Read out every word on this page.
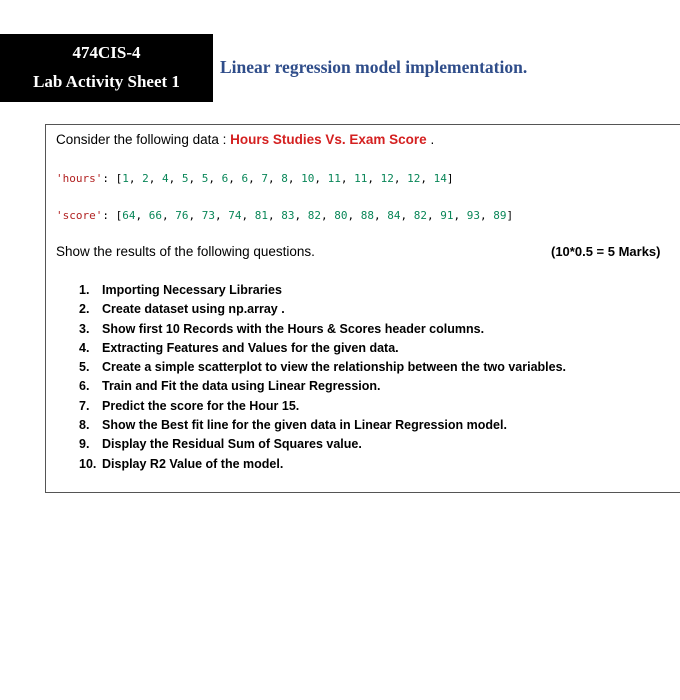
474CIS-4
Lab Activity Sheet 1
Linear regression model implementation.
Consider the following data : Hours Studies Vs. Exam Score .
'hours': [1, 2, 4, 5, 5, 6, 6, 7, 8, 10, 11, 11, 12, 12, 14]
'score': [64, 66, 76, 73, 74, 81, 83, 82, 80, 88, 84, 82, 91, 93, 89]
Show the results of the following questions.	(10*0.5 = 5 Marks)
1. Importing Necessary Libraries
2. Create dataset using np.array .
3. Show first 10 Records with the Hours & Scores header columns.
4. Extracting Features and Values for the given data.
5. Create a simple scatterplot to view the relationship between the two variables.
6. Train and Fit the data using Linear Regression.
7. Predict the score for the Hour 15.
8. Show the Best fit line for the given data in Linear Regression model.
9. Display the Residual Sum of Squares value.
10. Display R2 Value of the model.
